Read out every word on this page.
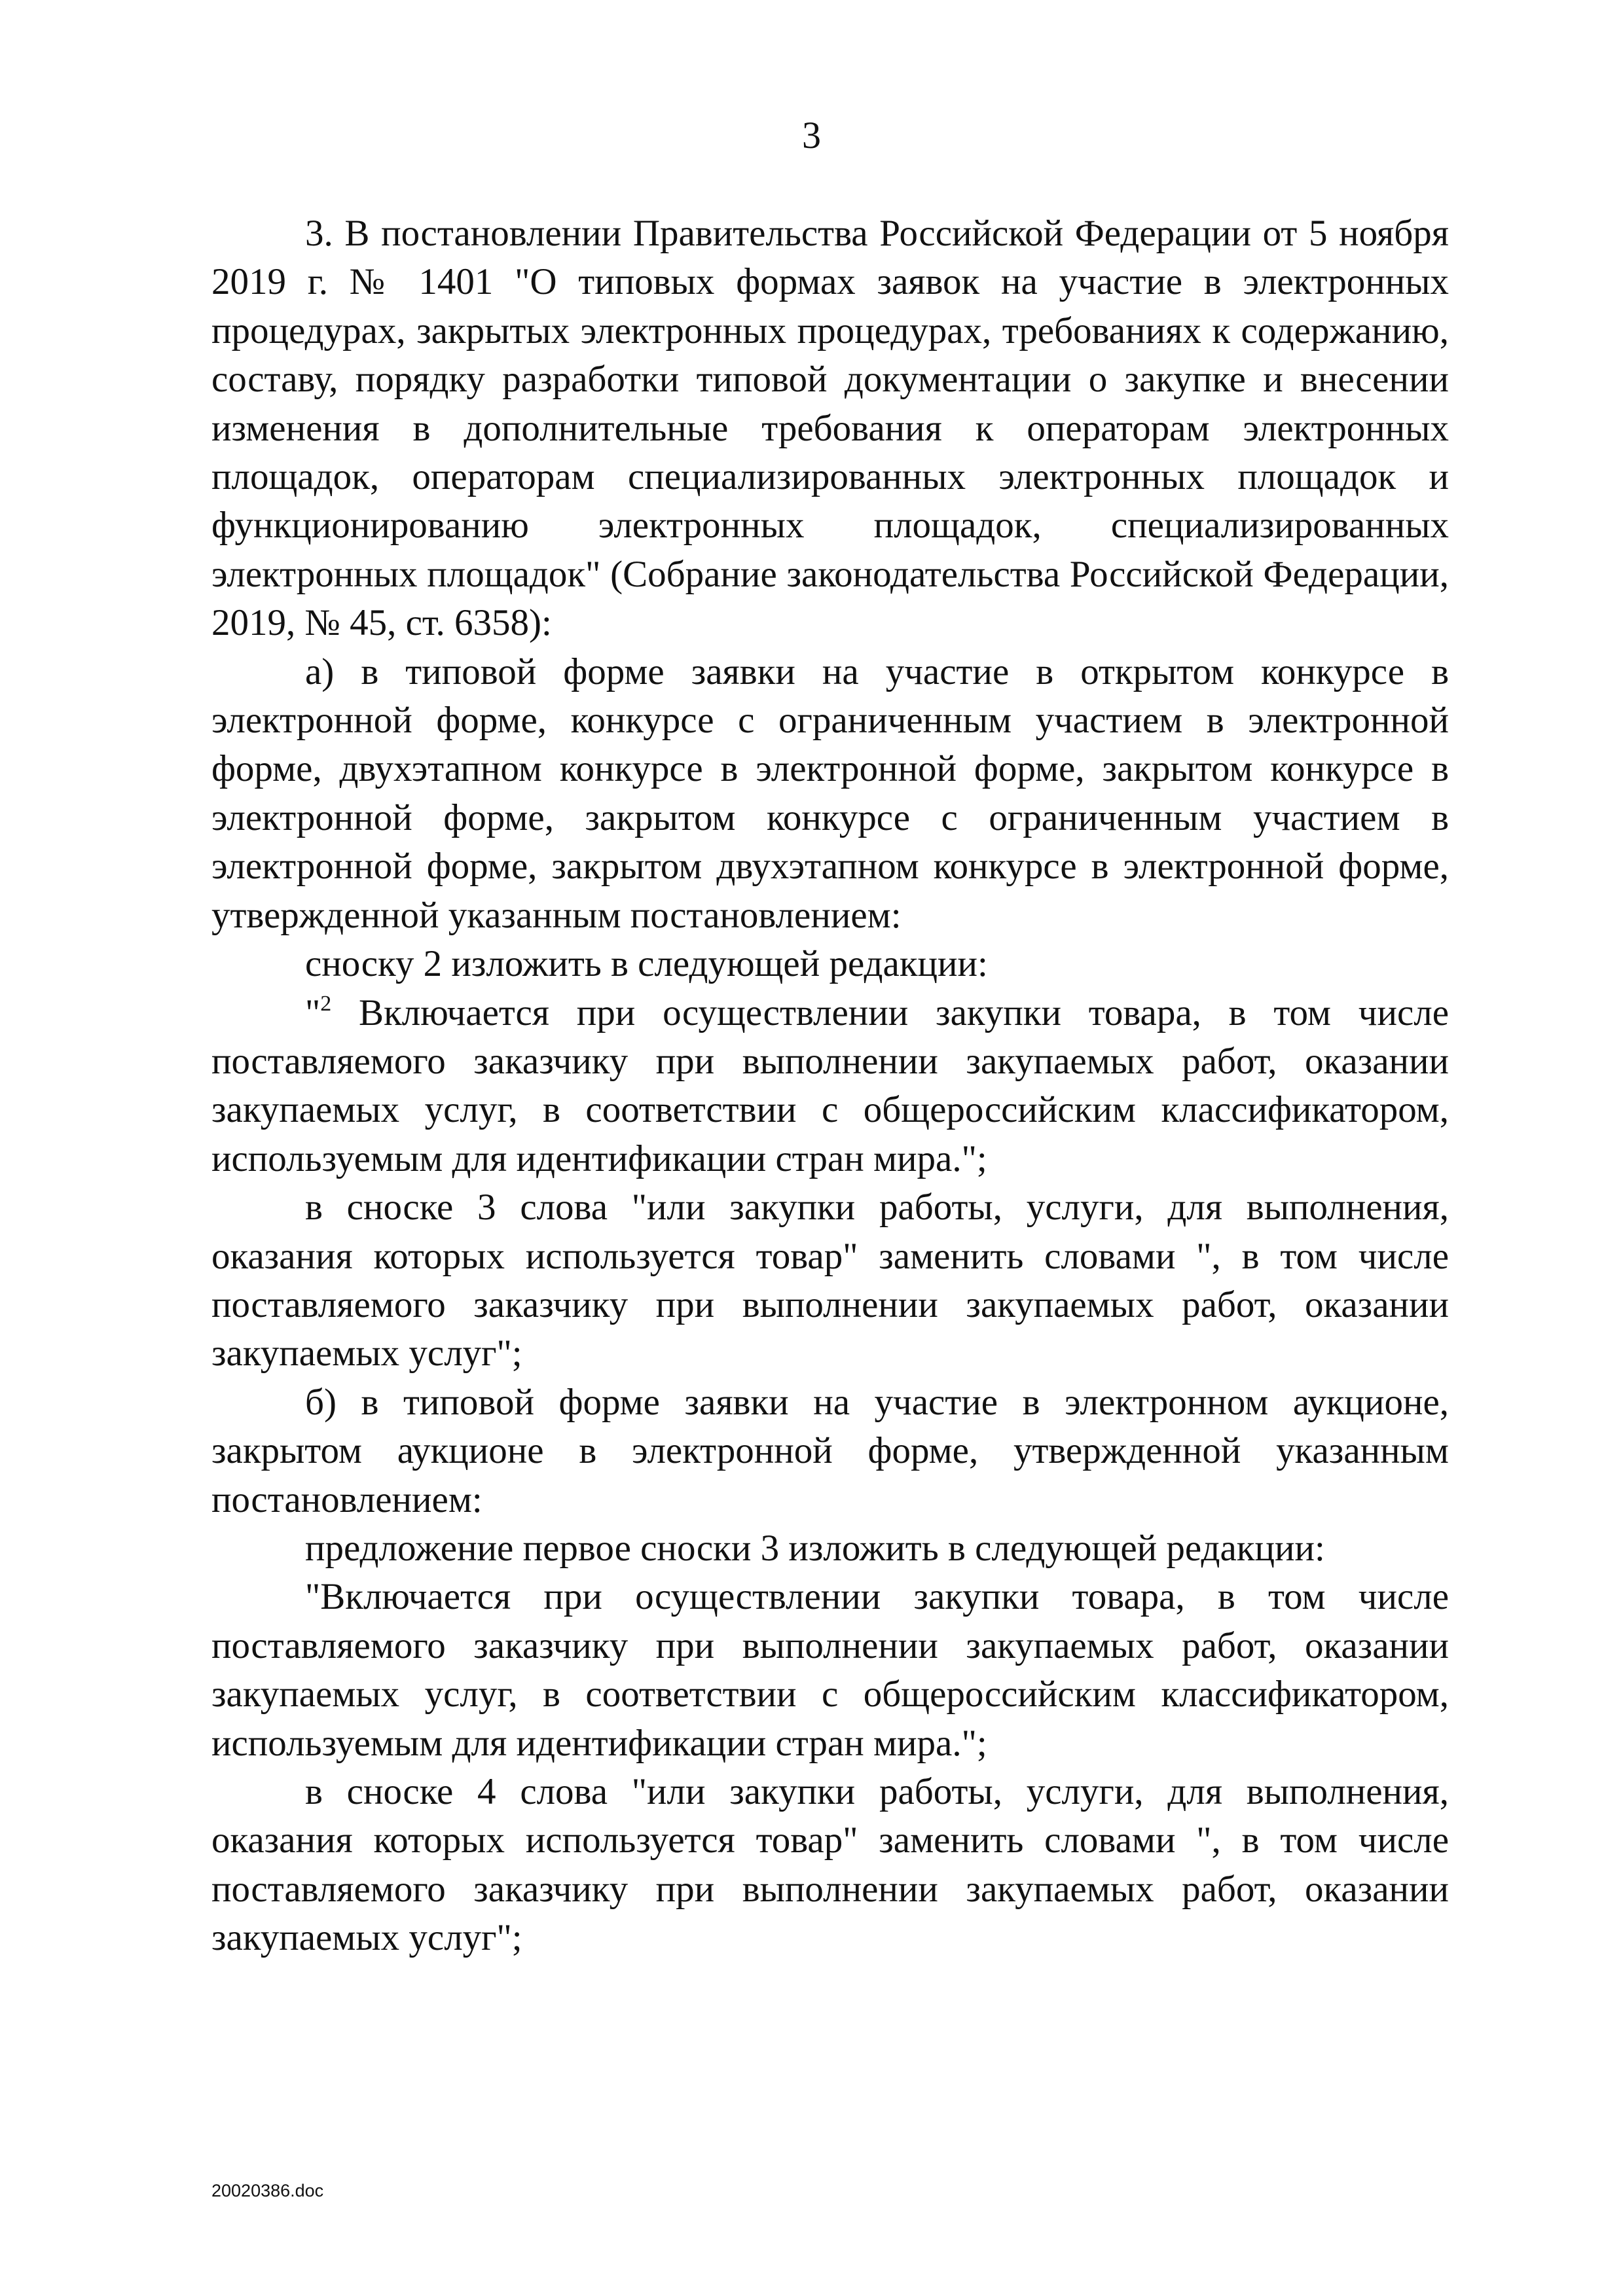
3

3. В постановлении Правительства Российской Федерации от 5 ноября 2019 г. № 1401 "О типовых формах заявок на участие в электронных процедурах, закрытых электронных процедурах, требованиях к содержанию, составу, порядку разработки типовой документации о закупке и внесении изменения в дополнительные требования к операторам электронных площадок, операторам специализированных электронных площадок и функционированию электронных площадок, специализированных электронных площадок" (Собрание законодательства Российской Федерации, 2019, № 45, ст. 6358):

а) в типовой форме заявки на участие в открытом конкурсе в электронной форме, конкурсе с ограниченным участием в электронной форме, двухэтапном конкурсе в электронной форме, закрытом конкурсе в электронной форме, закрытом конкурсе с ограниченным участием в электронной форме, закрытом двухэтапном конкурсе в электронной форме, утвержденной указанным постановлением:

сноску 2 изложить в следующей редакции:

"$^2$ Включается при осуществлении закупки товара, в том числе поставляемого заказчику при выполнении закупаемых работ, оказании закупаемых услуг, в соответствии с общероссийским классификатором, используемым для идентификации стран мира.";

в сноске 3 слова "или закупки работы, услуги, для выполнения, оказания которых используется товар" заменить словами ", в том числе поставляемого заказчику при выполнении закупаемых работ, оказании закупаемых услуг";

б) в типовой форме заявки на участие в электронном аукционе, закрытом аукционе в электронной форме, утвержденной указанным постановлением:

предложение первое сноски 3 изложить в следующей редакции:

"Включается при осуществлении закупки товара, в том числе поставляемого заказчику при выполнении закупаемых работ, оказании закупаемых услуг, в соответствии с общероссийским классификатором, используемым для идентификации стран мира.";

в сноске 4 слова "или закупки работы, услуги, для выполнения, оказания которых используется товар" заменить словами ", в том числе поставляемого заказчику при выполнении закупаемых работ, оказании закупаемых услуг";

20020386.doc
